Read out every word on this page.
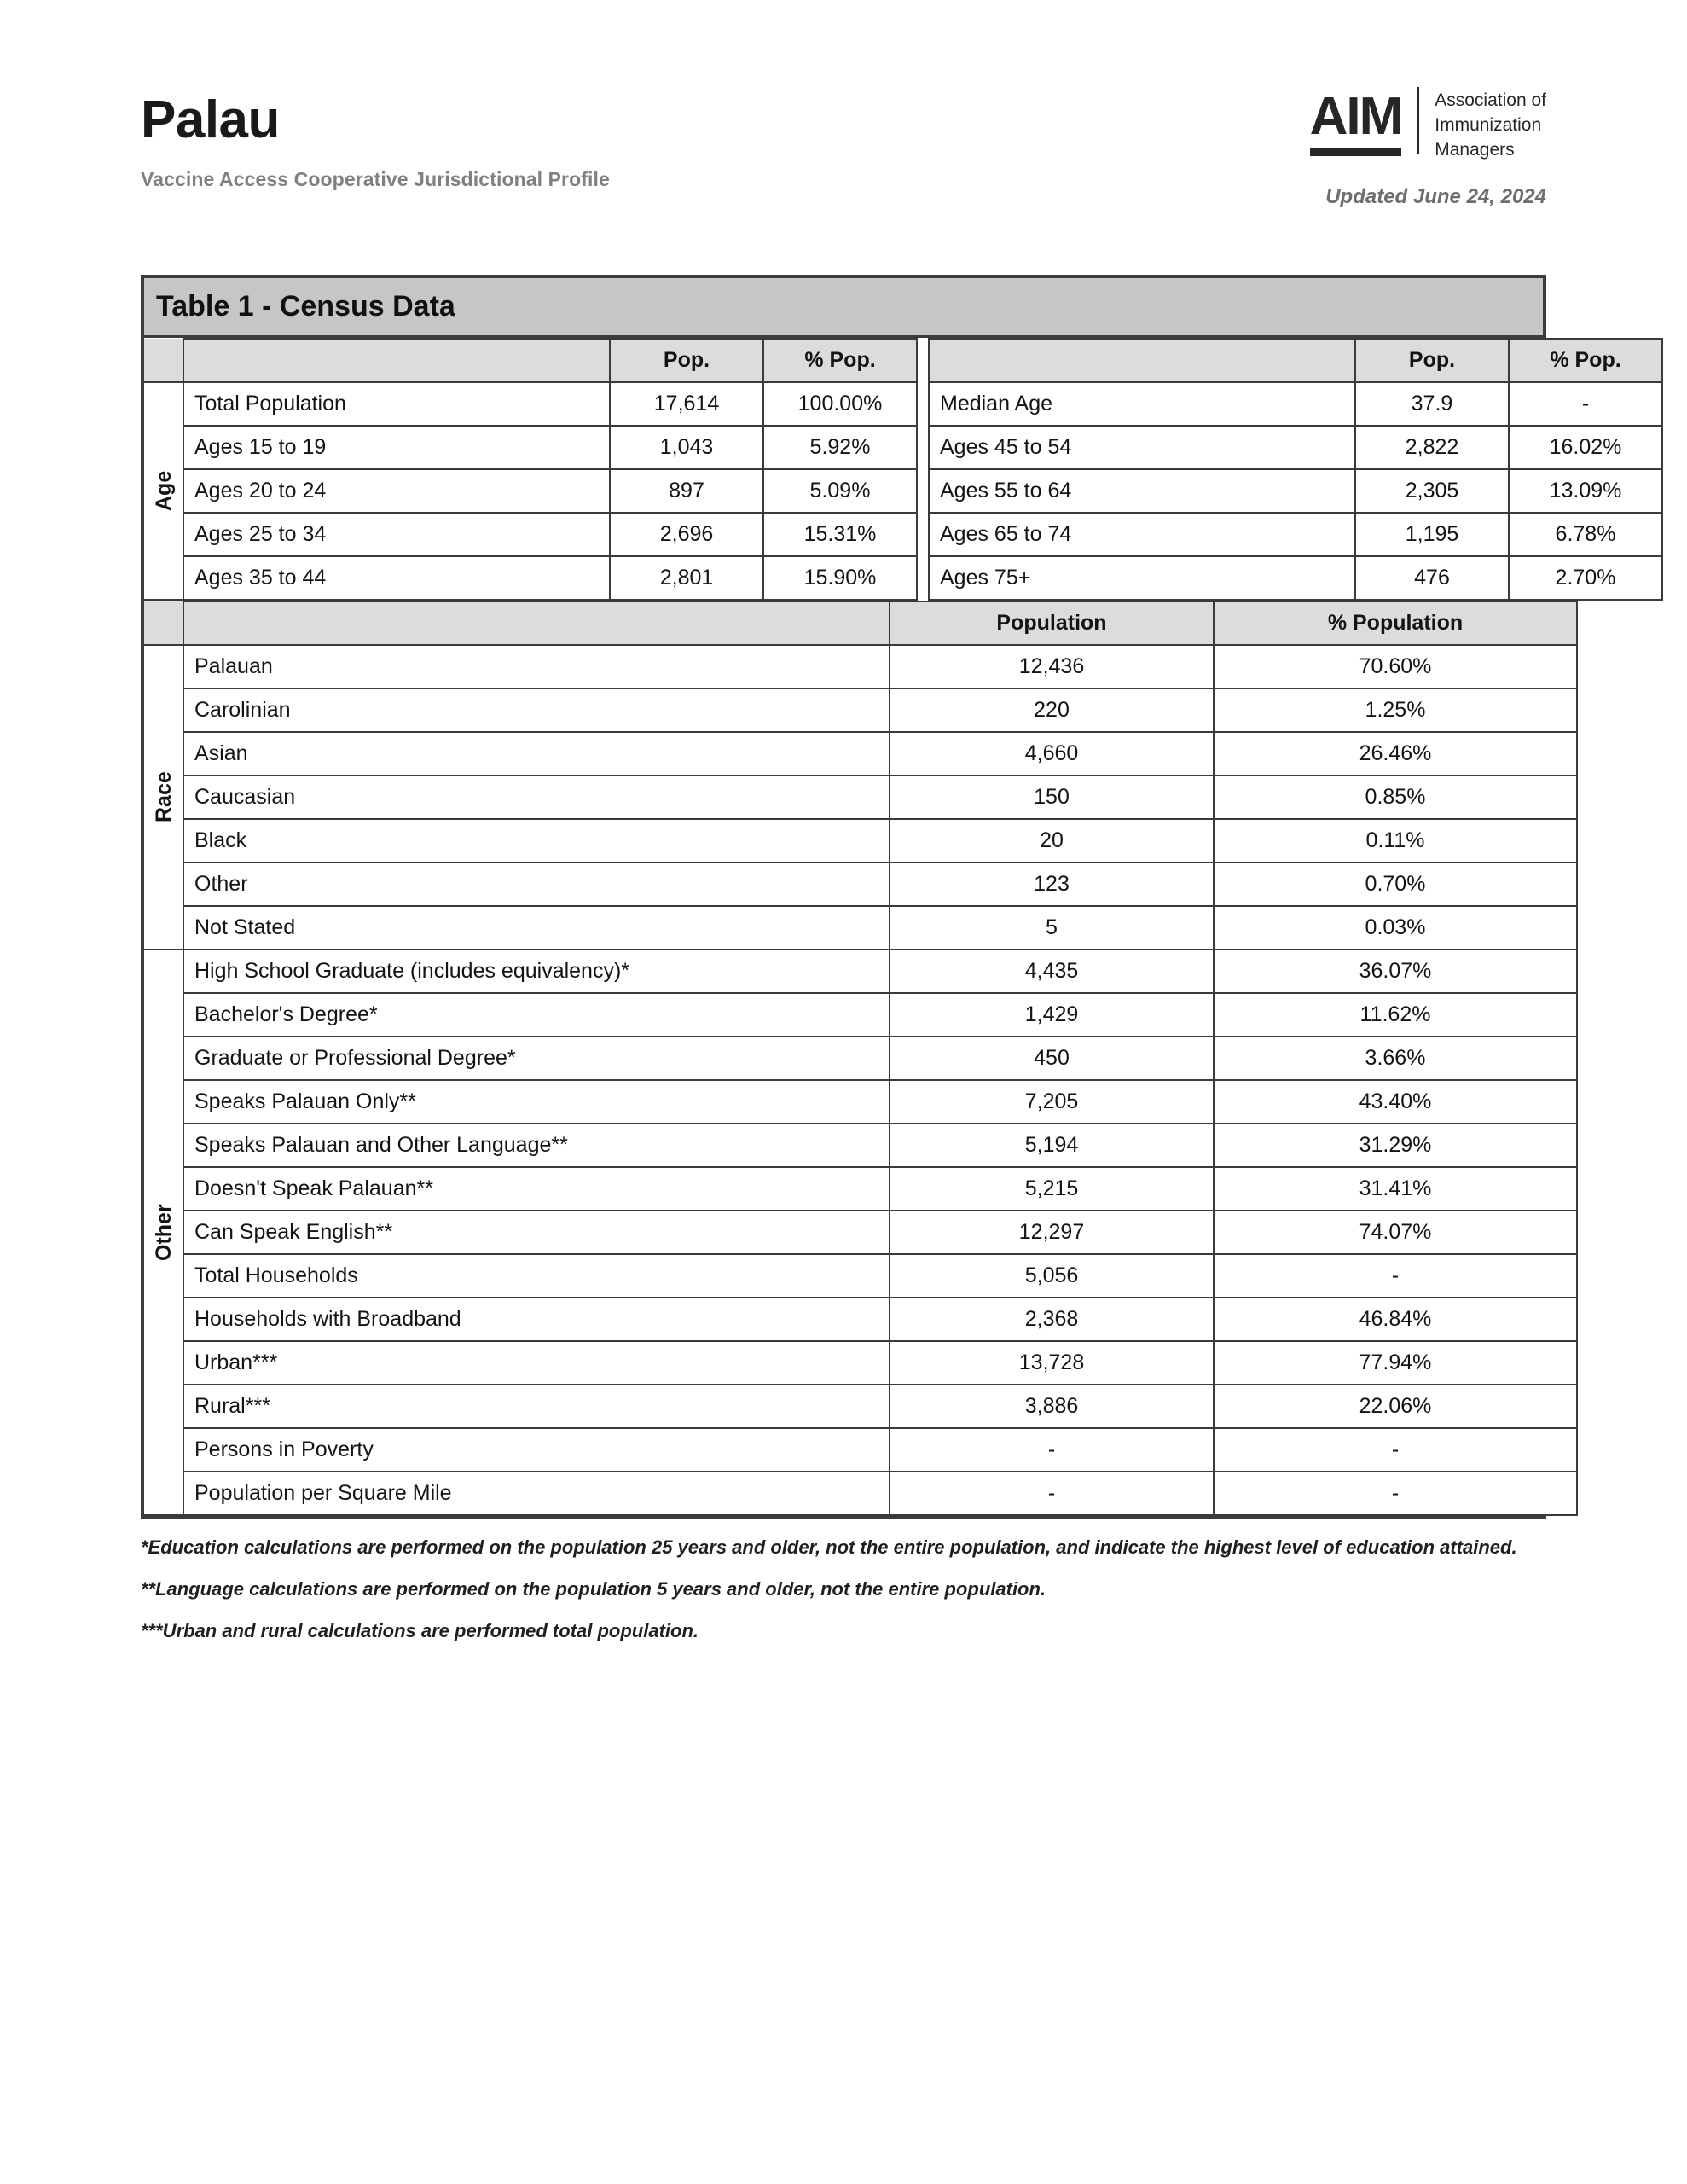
Palau
Vaccine Access Cooperative Jurisdictional Profile
AIM Association of
Immunization
Managers
Updated June 24, 2024
Table 1 - Census Data
		Pop.	% Pop.			Pop.	% Pop.
Age	Total Population	17,614	100.00%		Median Age	37.9	-
	Ages 15 to 19	1,043	5.92%		Ages 45 to 54	2,822	16.02%
	Ages 20 to 24	897	5.09%		Ages 55 to 64	2,305	13.09%
	Ages 25 to 34	2,696	15.31%		Ages 65 to 74	1,195	6.78%
	Ages 35 to 44	2,801	15.90%		Ages 75+	476	2.70%
		Population	% Population
Race	Palauan	12,436	70.60%
	Carolinian	220	1.25%
	Asian	4,660	26.46%
	Caucasian	150	0.85%
	Black	20	0.11%
	Other	123	0.70%
	Not Stated	5	0.03%
Other	High School Graduate (includes equivalency)*	4,435	36.07%
	Bachelor's Degree*	1,429	11.62%
	Graduate or Professional Degree*	450	3.66%
	Speaks Palauan Only**	7,205	43.40%
	Speaks Palauan and Other Language**	5,194	31.29%
	Doesn't Speak Palauan**	5,215	31.41%
	Can Speak English**	12,297	74.07%
	Total Households	5,056	-
	Households with Broadband	2,368	46.84%
	Urban***	13,728	77.94%
	Rural***	3,886	22.06%
	Persons in Poverty	-	-
	Population per Square Mile	-	-
*Education calculations are performed on the population 25 years and older, not the entire population, and indicate the highest level of education attained.
**Language calculations are performed on the population 5 years and older, not the entire population.
***Urban and rural calculations are performed total population.
